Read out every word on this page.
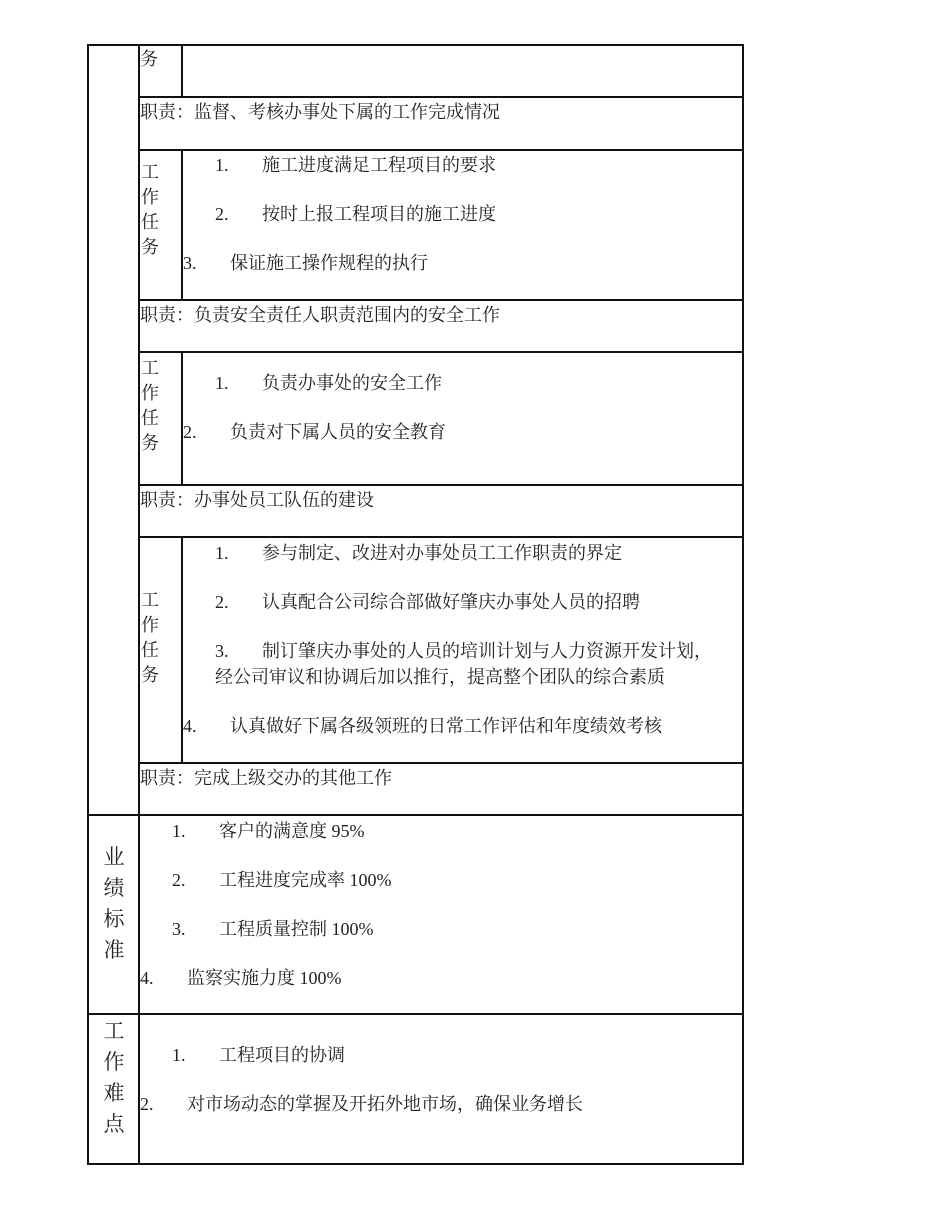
务
职责：监督、考核办事处下属的工作完成情况
工作任务
1. 施工进度满足工程项目的要求
2. 按时上报工程项目的施工进度
3. 保证施工操作规程的执行
职责：负责安全责任人职责范围内的安全工作
工作任务
1. 负责办事处的安全工作
2. 负责对下属人员的安全教育
职责：办事处员工队伍的建设
工作任务
1. 参与制定、改进对办事处员工工作职责的界定
2. 认真配合公司综合部做好肇庆办事处人员的招聘
3. 制订肇庆办事处的人员的培训计划与人力资源开发计划，
经公司审议和协调后加以推行，提高整个团队的综合素质
4. 认真做好下属各级领班的日常工作评估和年度绩效考核
职责：完成上级交办的其他工作
业绩标准
1. 客户的满意度 95%
2. 工程进度完成率 100%
3. 工程质量控制 100%
4. 监察实施力度 100%
工作难点
1. 工程项目的协调
2. 对市场动态的掌握及开拓外地市场，确保业务增长
